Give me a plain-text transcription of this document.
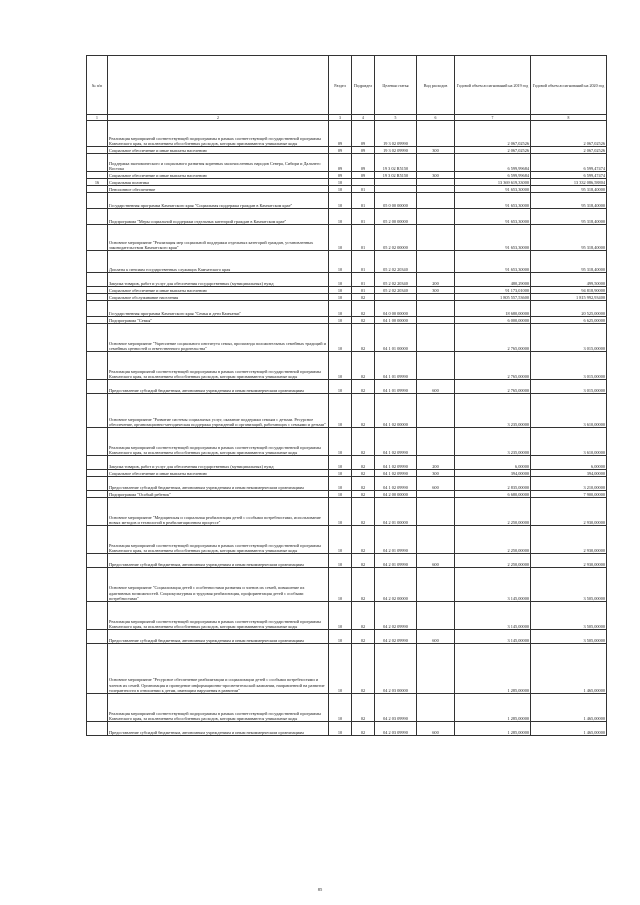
№ п/п		Раздел	Подраздел	Целевая статья	Вид расходов	Годовой объем ассигнований на 2019 год	Годовой объем ассигнований на 2020 год
1	2	3	4	5	6	7	8
	Реализация мероприятий соответствующей подпрограммы в рамках соответствующей государственной программы Камчатского края, за исключением обособленных расходов, которым присваиваются уникальные коды	09	09	19 3 02 09990		2 067,02526	2 067,02526
	Социальное обеспечение и иные выплаты населению	09	09	19 3 02 09990	300	2 067,02526	2 067,02526
	Поддержка экономического и социального развития коренных малочисленных народов Севера, Сибири и Дальнего Востока	09	09	19 3 02 R5150		6 599,99684	6 599,47474
	Социальное обеспечение и иные выплаты населению	09	09	19 3 02 R5150	300	6 599,99684	6 599,47474
16	Социальная политика	10				13 369 619,33000	13 332 086,58804
	Пенсионное обеспечение	10	01			91 653,30000	95 318,40000
	Государственная программа Камчатского края "Социальная поддержка граждан в Камчатском крае"	10	01	05 0 00 00000		91 653,30000	95 318,40000
	Подпрограмма "Меры социальной поддержки отдельных категорий граждан в Камчатском крае"	10	01	05 2 00 00000		91 653,30000	95 318,40000
	Основное мероприятие "Реализация мер социальной поддержки отдельных категорий граждан, установленных законодательством Камчатского края"	10	01	05 2 02 00000		91 653,30000	95 318,40000
	Доплаты к пенсиям государственных служащих Камчатского края	10	01	05 2 02 20340		91 653,30000	95 318,40000
	Закупка товаров, работ и услуг для обеспечения государственных (муниципальных) нужд	10	01	05 2 02 20340	200	480,29000	499,50000
	Социальное обеспечение и иные выплаты населению	10	01	05 2 02 20340	300	91 173,01000	94 818,90000
	Социальное обслуживание населения	10	02			1 805 557,53600	1 815 992,93400
	Государственная программа Камчатского края "Семья и дети Камчатки"	10	02	04 0 00 00000		18 680,00000	20 525,00000
	Подпрограмма "Семья"	10	02	04 1 00 00000		6 000,00000	6 625,00000
	Основное мероприятие "Укрепление социального института семьи, пропаганда положительных семейных традиций и семейных ценностей и ответственного родительства"	10	02	04 1 01 00000		2 765,00000	3 015,00000
	Реализация мероприятий соответствующей подпрограммы в рамках соответствующей государственной программы Камчатского края, за исключением обособленных расходов, которым присваиваются уникальные коды	10	02	04 1 01 09990		2 765,00000	3 015,00000
	Предоставление субсидий бюджетным, автономным учреждениям и иным некоммерческим организациям	10	02	04 1 01 09990	600	2 765,00000	3 015,00000
	Основное мероприятие "Развитие системы социальных услуг, оказание поддержки семьям с детьми. Ресурсное обеспечение, организационно-методическая поддержка учреждений и организаций, работающих с семьями и детьми"	10	02	04 1 02 00000		3 235,00000	3 610,00000
	Реализация мероприятий соответствующей подпрограммы в рамках соответствующей государственной программы Камчатского края, за исключением обособленных расходов, которым присваиваются уникальные коды	10	02	04 1 02 09990		3 235,00000	3 610,00000
	Закупка товаров, работ и услуг для обеспечения государственных (муниципальных) нужд	10	02	04 1 02 09990	200	6,00000	6,00000
	Социальное обеспечение и иные выплаты населению	10	02	04 1 02 09990	300	394,00000	394,00000
	Предоставление субсидий бюджетным, автономным учреждениям и иным некоммерческим организациям	10	02	04 1 02 09990	600	2 835,00000	3 210,00000
	Подпрограмма "Особый ребенок"	10	02	04 2 00 00000		6 680,00000	7 900,00000
	Основное мероприятие "Медицинская и социальная реабилитация детей с особыми потребностями, использование новых методов и технологий в реабилитационном процессе"	10	02	04 2 01 00000		2 250,00000	2 930,00000
	Реализация мероприятий соответствующей подпрограммы в рамках соответствующей государственной программы Камчатского края, за исключением обособленных расходов, которым присваиваются уникальные коды	10	02	04 2 01 09990		2 250,00000	2 930,00000
	Предоставление субсидий бюджетным, автономным учреждениям и иным некоммерческим организациям	10	02	04 2 01 09990	600	2 250,00000	2 930,00000
	Основное мероприятие "Социализация детей с особенностями развития и членов их семей, повышение их адаптивных возможностей. Социокультурная и трудовая реабилитация, профориентация детей с особыми потребностями"	10	02	04 2 02 00000		3 145,00000	3 505,00000
	Реализация мероприятий соответствующей подпрограммы в рамках соответствующей государственной программы Камчатского края, за исключением обособленных расходов, которым присваиваются уникальные коды	10	02	04 2 02 09990		3 145,00000	3 505,00000
	Предоставление субсидий бюджетным, автономным учреждениям и иным некоммерческим организациям	10	02	04 2 02 09990	600	3 145,00000	3 505,00000
	Основное мероприятие "Ресурсное обеспечение реабилитации и социализации детей с особыми потребностями и членов их семей. Организация и проведение информационно-просветительской кампании, направленной на развитие толерантности в отношении к детям, имеющим нарушения в развитии"	10	02	04 2 03 00000		1 285,00000	1 465,00000
	Реализация мероприятий соответствующей подпрограммы в рамках соответствующей государственной программы Камчатского края, за исключением обособленных расходов, которым присваиваются уникальные коды	10	02	04 2 03 09990		1 285,00000	1 465,00000
	Предоставление субсидий бюджетным, автономным учреждениям и иным некоммерческим организациям	10	02	04 2 03 09990	600	1 285,00000	1 465,00000
85
